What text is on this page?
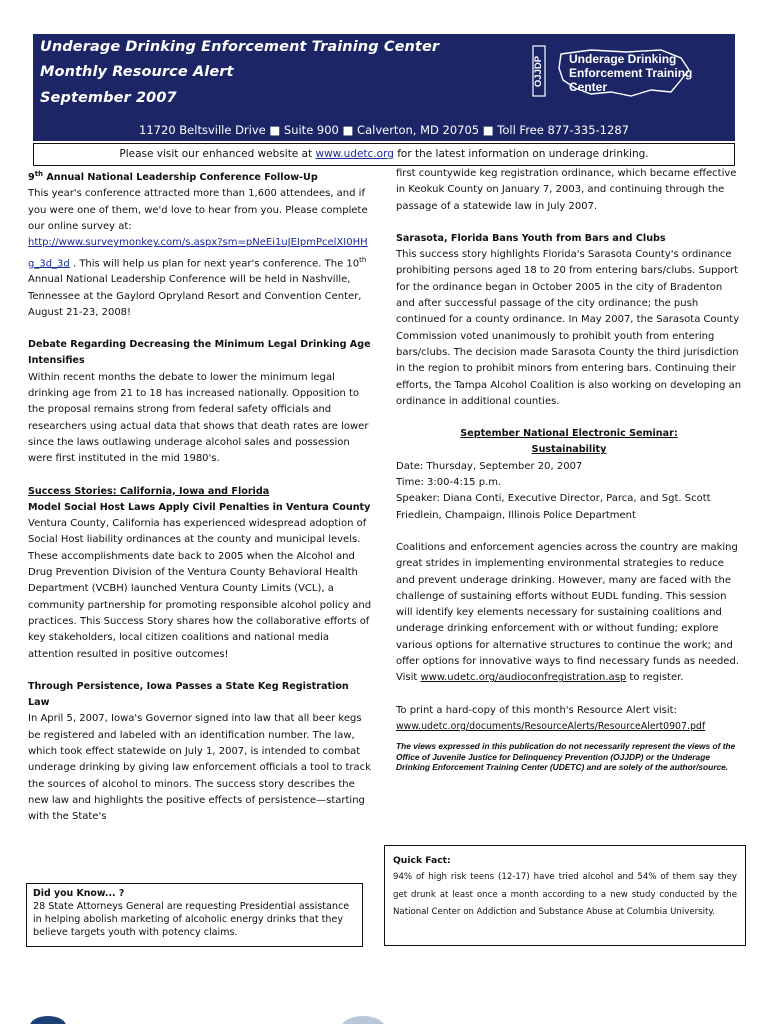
Underage Drinking Enforcement Training Center
Monthly Resource Alert
September 2007
OJJDP Underage Drinking
Enforcement Training Center
11720 Beltsville Drive ■ Suite 900 ■ Calverton, MD 20705 ■ Toll Free 877-335-1287
Please visit our enhanced website at www.udetc.org for the latest information on underage drinking.

9th Annual National Leadership Conference Follow-Up

This year's conference attracted more than 1,600 attendees, and if you were one of them, we'd love to hear from you. Please complete our online survey at:
http://www.surveymonkey.com/s.aspx?sm=pNeEi1uJEIpmPcelXI0HHg_3d_3d . This will help us plan for next year's conference. The 10th Annual National Leadership Conference will be held in Nashville, Tennessee at the Gaylord Opryland Resort and Convention Center, August 21-23, 2008!

Debate Regarding Decreasing the Minimum Legal Drinking Age Intensifies

Within recent months the debate to lower the minimum legal drinking age from 21 to 18 has increased nationally. Opposition to the proposal remains strong from federal safety officials and researchers using actual data that shows that death rates are lower since the laws outlawing underage alcohol sales and possession were first instituted in the mid 1980's.

Success Stories: California, Iowa and Florida

Model Social Host Laws Apply Civil Penalties in Ventura County

Ventura County, California has experienced widespread adoption of Social Host liability ordinances at the county and municipal levels. These accomplishments date back to 2005 when the Alcohol and Drug Prevention Division of the Ventura County Behavioral Health Department (VCBH) launched Ventura County Limits (VCL), a community partnership for promoting responsible alcohol policy and practices. This Success Story shares how the collaborative efforts of key stakeholders, local citizen coalitions and national media attention resulted in positive outcomes!

Through Persistence, Iowa Passes a State Keg Registration Law

In April 5, 2007, Iowa's Governor signed into law that all beer kegs be registered and labeled with an identification number. The law, which took effect statewide on July 1, 2007, is intended to combat underage drinking by giving law enforcement officials a tool to track the sources of alcohol to minors. The success story describes the new law and highlights the positive effects of persistence—starting with the State's

first countywide keg registration ordinance, which became effective in Keokuk County on January 7, 2003, and continuing through the passage of a statewide law in July 2007.

Sarasota, Florida Bans Youth from Bars and Clubs

This success story highlights Florida's Sarasota County's ordinance prohibiting persons aged 18 to 20 from entering bars/clubs. Support for the ordinance began in October 2005 in the city of Bradenton and after successful passage of the city ordinance; the push continued for a county ordinance. In May 2007, the Sarasota County Commission voted unanimously to prohibit youth from entering bars/clubs. The decision made Sarasota County the third jurisdiction in the region to prohibit minors from entering bars. Continuing their efforts, the Tampa Alcohol Coalition is also working on developing an ordinance in additional counties.

September National Electronic Seminar:

Sustainability

Date: Thursday, September 20, 2007

Time: 3:00-4:15 p.m.

Speaker: Diana Conti, Executive Director, Parca, and Sgt. Scott Friedlein, Champaign, Illinois Police Department

Coalitions and enforcement agencies across the country are making great strides in implementing environmental strategies to reduce and prevent underage drinking. However, many are faced with the challenge of sustaining efforts without EUDL funding. This session will identify key elements necessary for sustaining coalitions and underage drinking enforcement with or without funding; explore various options for alternative structures to continue the work; and offer options for innovative ways to find necessary funds as needed. Visit www.udetc.org/audioconfregistration.asp to register.

To print a hard-copy of this month's Resource Alert visit:

www.udetc.org/documents/ResourceAlerts/ResourceAlert0907.pdf

The views expressed in this publication do not necessarily represent the views of the Office of Juvenile Justice for Delinquency Prevention (OJJDP) or the Underage Drinking Enforcement Training Center (UDETC) and are solely of the author/source.

Did you Know... ?
28 State Attorneys General are requesting Presidential assistance in helping abolish marketing of alcoholic energy drinks that they believe targets youth with potency claims.
Quick Fact:
94% of high risk teens (12-17) have tried alcohol and 54% of them say they get drunk at least once a month according to a new study conducted by the National Center on Addiction and Substance Abuse at Columbia University.
